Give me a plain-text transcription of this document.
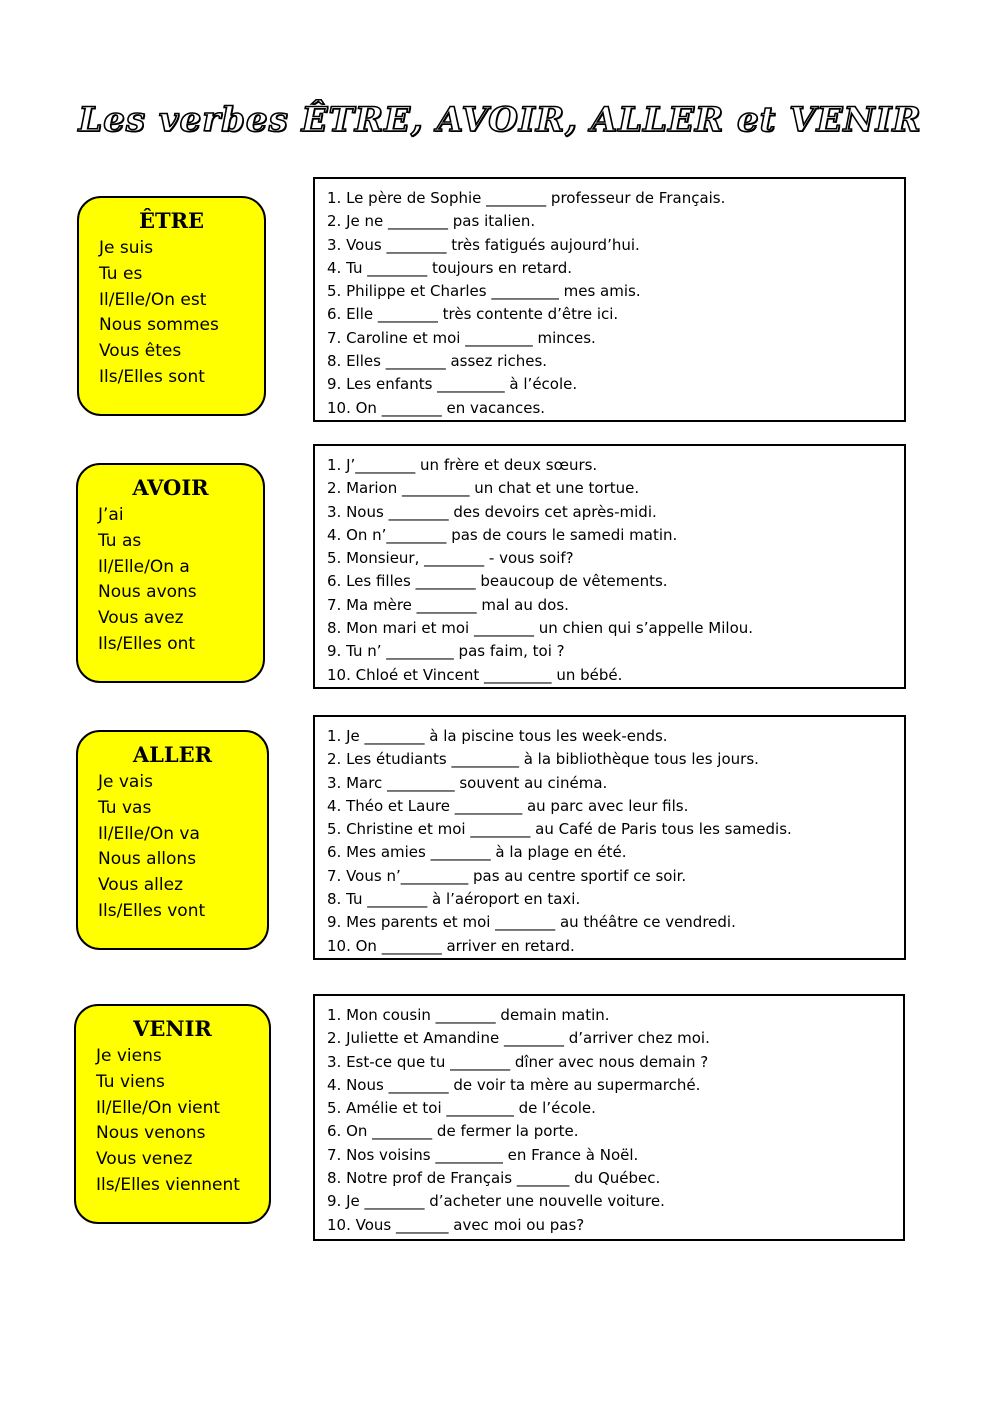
Les verbes ÊTRE, AVOIR, ALLER et VENIR
ÊTRE
Je suis
Tu es
Il/Elle/On est
Nous sommes
Vous êtes
Ils/Elles sont
1. Le père de Sophie ________ professeur de Français.
2. Je ne ________ pas italien.
3. Vous ________ très fatigués aujourd’hui.
4. Tu ________ toujours en retard.
5. Philippe et Charles _________ mes amis.
6. Elle ________ très contente d’être ici.
7. Caroline et moi _________ minces.
8. Elles ________ assez riches.
9. Les enfants _________ à l’école.
10. On ________ en vacances.
AVOIR
J’ai
Tu as
Il/Elle/On a
Nous avons
Vous avez
Ils/Elles ont
1. J’________ un frère et deux sœurs.
2. Marion _________ un chat et une tortue.
3. Nous ________ des devoirs cet après-midi.
4. On n’________ pas de cours le samedi matin.
5. Monsieur, ________ - vous soif?
6. Les filles ________ beaucoup de vêtements.
7. Ma mère ________ mal au dos.
8. Mon mari et moi ________ un chien qui s’appelle Milou.
9. Tu n’ _________ pas faim, toi ?
10. Chloé et Vincent _________ un bébé.
ALLER
Je vais
Tu vas
Il/Elle/On va
Nous allons
Vous allez
Ils/Elles vont
1. Je ________ à la piscine tous les week-ends.
2. Les étudiants _________ à la bibliothèque tous les jours.
3. Marc _________ souvent au cinéma.
4. Théo et Laure _________ au parc avec leur fils.
5. Christine et moi ________ au Café de Paris tous les samedis.
6. Mes amies ________ à la plage en été.
7. Vous n’_________ pas au centre sportif ce soir.
8. Tu ________ à l’aéroport en taxi.
9. Mes parents et moi ________ au théâtre ce vendredi.
10. On ________ arriver en retard.
VENIR
Je viens
Tu viens
Il/Elle/On vient
Nous venons
Vous venez
Ils/Elles viennent
1. Mon cousin ________ demain matin.
2. Juliette et Amandine ________ d’arriver chez moi.
3. Est-ce que tu ________ dîner avec nous demain ?
4. Nous ________ de voir ta mère au supermarché.
5. Amélie et toi _________ de l’école.
6. On ________ de fermer la porte.
7. Nos voisins _________ en France à Noël.
8. Notre prof de Français _______ du Québec.
9. Je ________ d’acheter une nouvelle voiture.
10. Vous _______ avec moi ou pas?
